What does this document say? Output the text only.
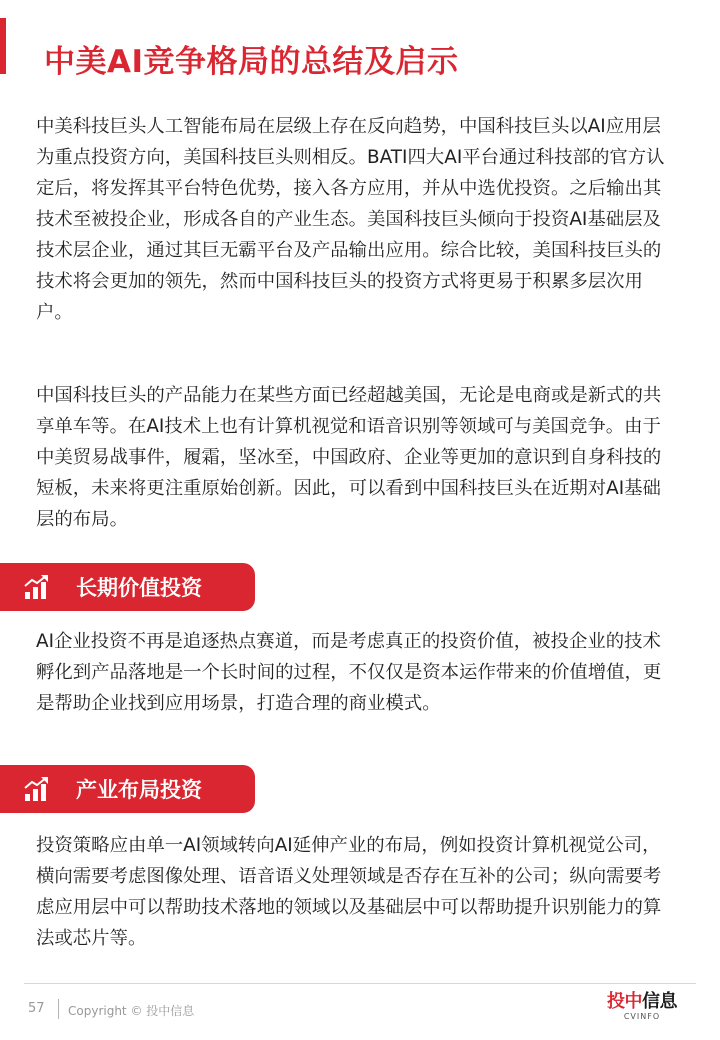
中美AI竞争格局的总结及启示

中美科技巨头人工智能布局在层级上存在反向趋势，中国科技巨头以AI应用层为重点投资方向，美国科技巨头则相反。BATI四大AI平台通过科技部的官方认定后，将发挥其平台特色优势，接入各方应用，并从中选优投资。之后输出其技术至被投企业，形成各自的产业生态。美国科技巨头倾向于投资AI基础层及技术层企业，通过其巨无霸平台及产品输出应用。综合比较，美国科技巨头的技术将会更加的领先，然而中国科技巨头的投资方式将更易于积累多层次用户。

中国科技巨头的产品能力在某些方面已经超越美国，无论是电商或是新式的共享单车等。在AI技术上也有计算机视觉和语音识别等领域可与美国竞争。由于中美贸易战事件，履霜，坚冰至，中国政府、企业等更加的意识到自身科技的短板，未来将更注重原始创新。因此，可以看到中国科技巨头在近期对AI基础层的布局。

长期价值投资

AI企业投资不再是追逐热点赛道，而是考虑真正的投资价值，被投企业的技术孵化到产品落地是一个长时间的过程，不仅仅是资本运作带来的价值增值，更是帮助企业找到应用场景，打造合理的商业模式。

产业布局投资

投资策略应由单一AI领域转向AI延伸产业的布局，例如投资计算机视觉公司，横向需要考虑图像处理、语音语义处理领域是否存在互补的公司；纵向需要考虑应用层中可以帮助技术落地的领域以及基础层中可以帮助提升识别能力的算法或芯片等。

57 Copyright © 投中信息	投中信息
CVINFO
